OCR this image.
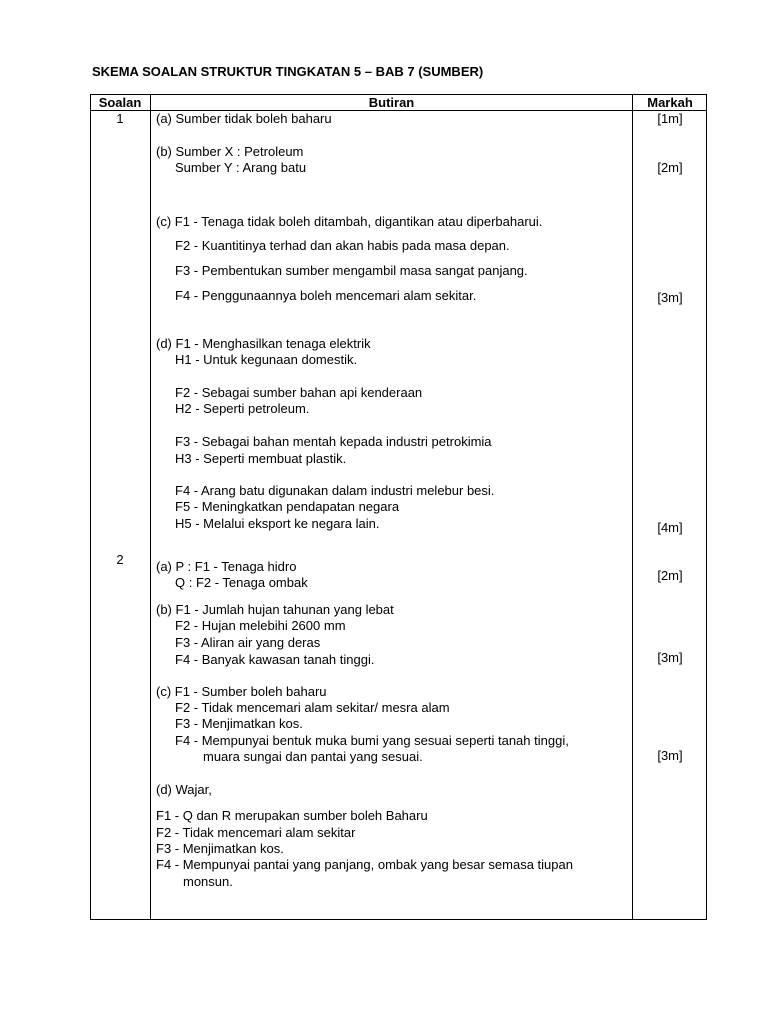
SKEMA SOALAN STRUKTUR TINGKATAN 5 – BAB 7 (SUMBER)
Soalan	Butiran	Markah
1
2
(a) Sumber tidak boleh baharu
(b) Sumber X : Petroleum
Sumber Y : Arang batu
(c) F1 - Tenaga tidak boleh ditambah, digantikan atau diperbaharui.
F2 - Kuantitinya terhad dan akan habis pada masa depan.
F3 - Pembentukan sumber mengambil masa sangat panjang.
F4 - Penggunaannya boleh mencemari alam sekitar.
(d) F1 - Menghasilkan tenaga elektrik
H1 - Untuk kegunaan domestik.
F2 - Sebagai sumber bahan api kenderaan
H2 - Seperti petroleum.
F3 - Sebagai bahan mentah kepada industri petrokimia
H3 - Seperti membuat plastik.
F4 - Arang batu digunakan dalam industri melebur besi.
F5 - Meningkatkan pendapatan negara
H5 - Melalui eksport ke negara lain.
(a) P : F1 - Tenaga hidro
Q : F2 - Tenaga ombak
(b) F1 - Jumlah hujan tahunan yang lebat
F2 - Hujan melebihi 2600 mm
F3 - Aliran air yang deras
F4 - Banyak kawasan tanah tinggi.
(c) F1 - Sumber boleh baharu
F2 - Tidak mencemari alam sekitar/ mesra alam
F3 - Menjimatkan kos.
F4 - Mempunyai bentuk muka bumi yang sesuai seperti tanah tinggi,
muara sungai dan pantai yang sesuai.
(d) Wajar,
F1 - Q dan R merupakan sumber boleh Baharu
F2 - Tidak mencemari alam sekitar
F3 - Menjimatkan kos.
F4 - Mempunyai pantai yang panjang, ombak yang besar semasa tiupan
monsun.
[1m]
[2m]
[3m]
[4m]
[2m]
[3m]
[3m]
